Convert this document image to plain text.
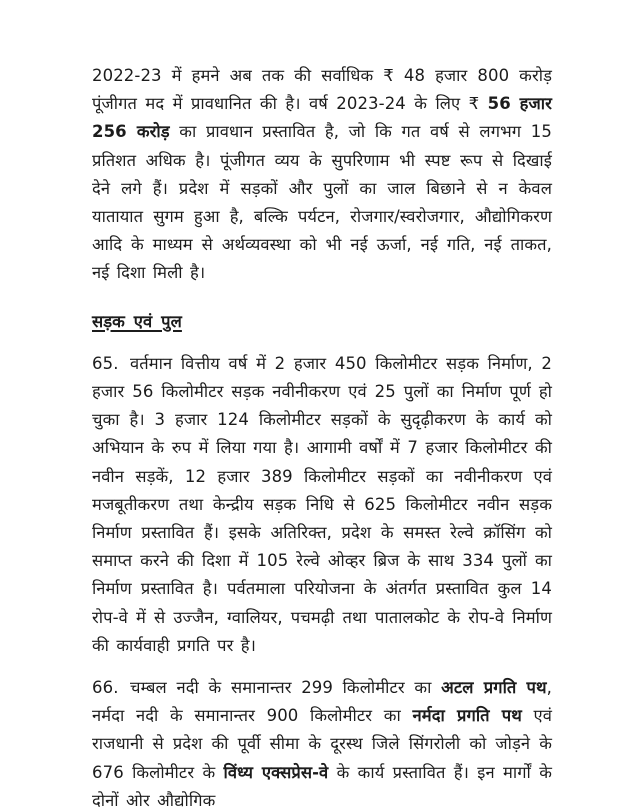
2022-23 में हमने अब तक की सर्वाधिक ₹ 48 हजार 800 करोड़ पूंजीगत मद में प्रावधानित की है। वर्ष 2023-24 के लिए ₹ 56 हजार 256 करोड़ का प्रावधान प्रस्तावित है, जो कि गत वर्ष से लगभग 15 प्रतिशत अधिक है। पूंजीगत व्यय के सुपरिणाम भी स्पष्ट रूप से दिखाई देने लगे हैं। प्रदेश में सड़कों और पुलों का जाल बिछाने से न केवल यातायात सुगम हुआ है, बल्कि पर्यटन, रोजगार/स्वरोजगार, औद्योगिकरण आदि के माध्यम से अर्थव्यवस्था को भी नई ऊर्जा, नई गति, नई ताकत, नई दिशा मिली है।

सड़क एवं पुल

65. वर्तमान वित्तीय वर्ष में 2 हजार 450 किलोमीटर सड़क निर्माण, 2 हजार 56 किलोमीटर सड़क नवीनीकरण एवं 25 पुलों का निर्माण पूर्ण हो चुका है। 3 हजार 124 किलोमीटर सड़कों के सुदृढ़ीकरण के कार्य को अभियान के रुप में लिया गया है। आगामी वर्षों में 7 हजार किलोमीटर की नवीन सड़कें, 12 हजार 389 किलोमीटर सड़कों का नवीनीकरण एवं मजबूतीकरण तथा केन्द्रीय सड़क निधि से 625 किलोमीटर नवीन सड़क निर्माण प्रस्तावित हैं। इसके अतिरिक्त, प्रदेश के समस्त रेल्वे क्रॉसिंग को समाप्त करने की दिशा में 105 रेल्वे ओव्हर ब्रिज के साथ 334 पुलों का निर्माण प्रस्तावित है। पर्वतमाला परियोजना के अंतर्गत प्रस्तावित कुल 14 रोप-वे में से उज्जैन, ग्वालियर, पचमढ़ी तथा पातालकोट के रोप-वे निर्माण की कार्यवाही प्रगति पर है।

66. चम्बल नदी के समानान्तर 299 किलोमीटर का अटल प्रगति पथ, नर्मदा नदी के समानान्तर 900 किलोमीटर का नर्मदा प्रगति पथ एवं राजधानी से प्रदेश की पूर्वी सीमा के दूरस्थ जिले सिंगरोली को जोड़ने के 676 किलोमीटर के विंध्य एक्सप्रेस-वे के कार्य प्रस्तावित हैं। इन मार्गों के दोनों ओर औद्योगिक
